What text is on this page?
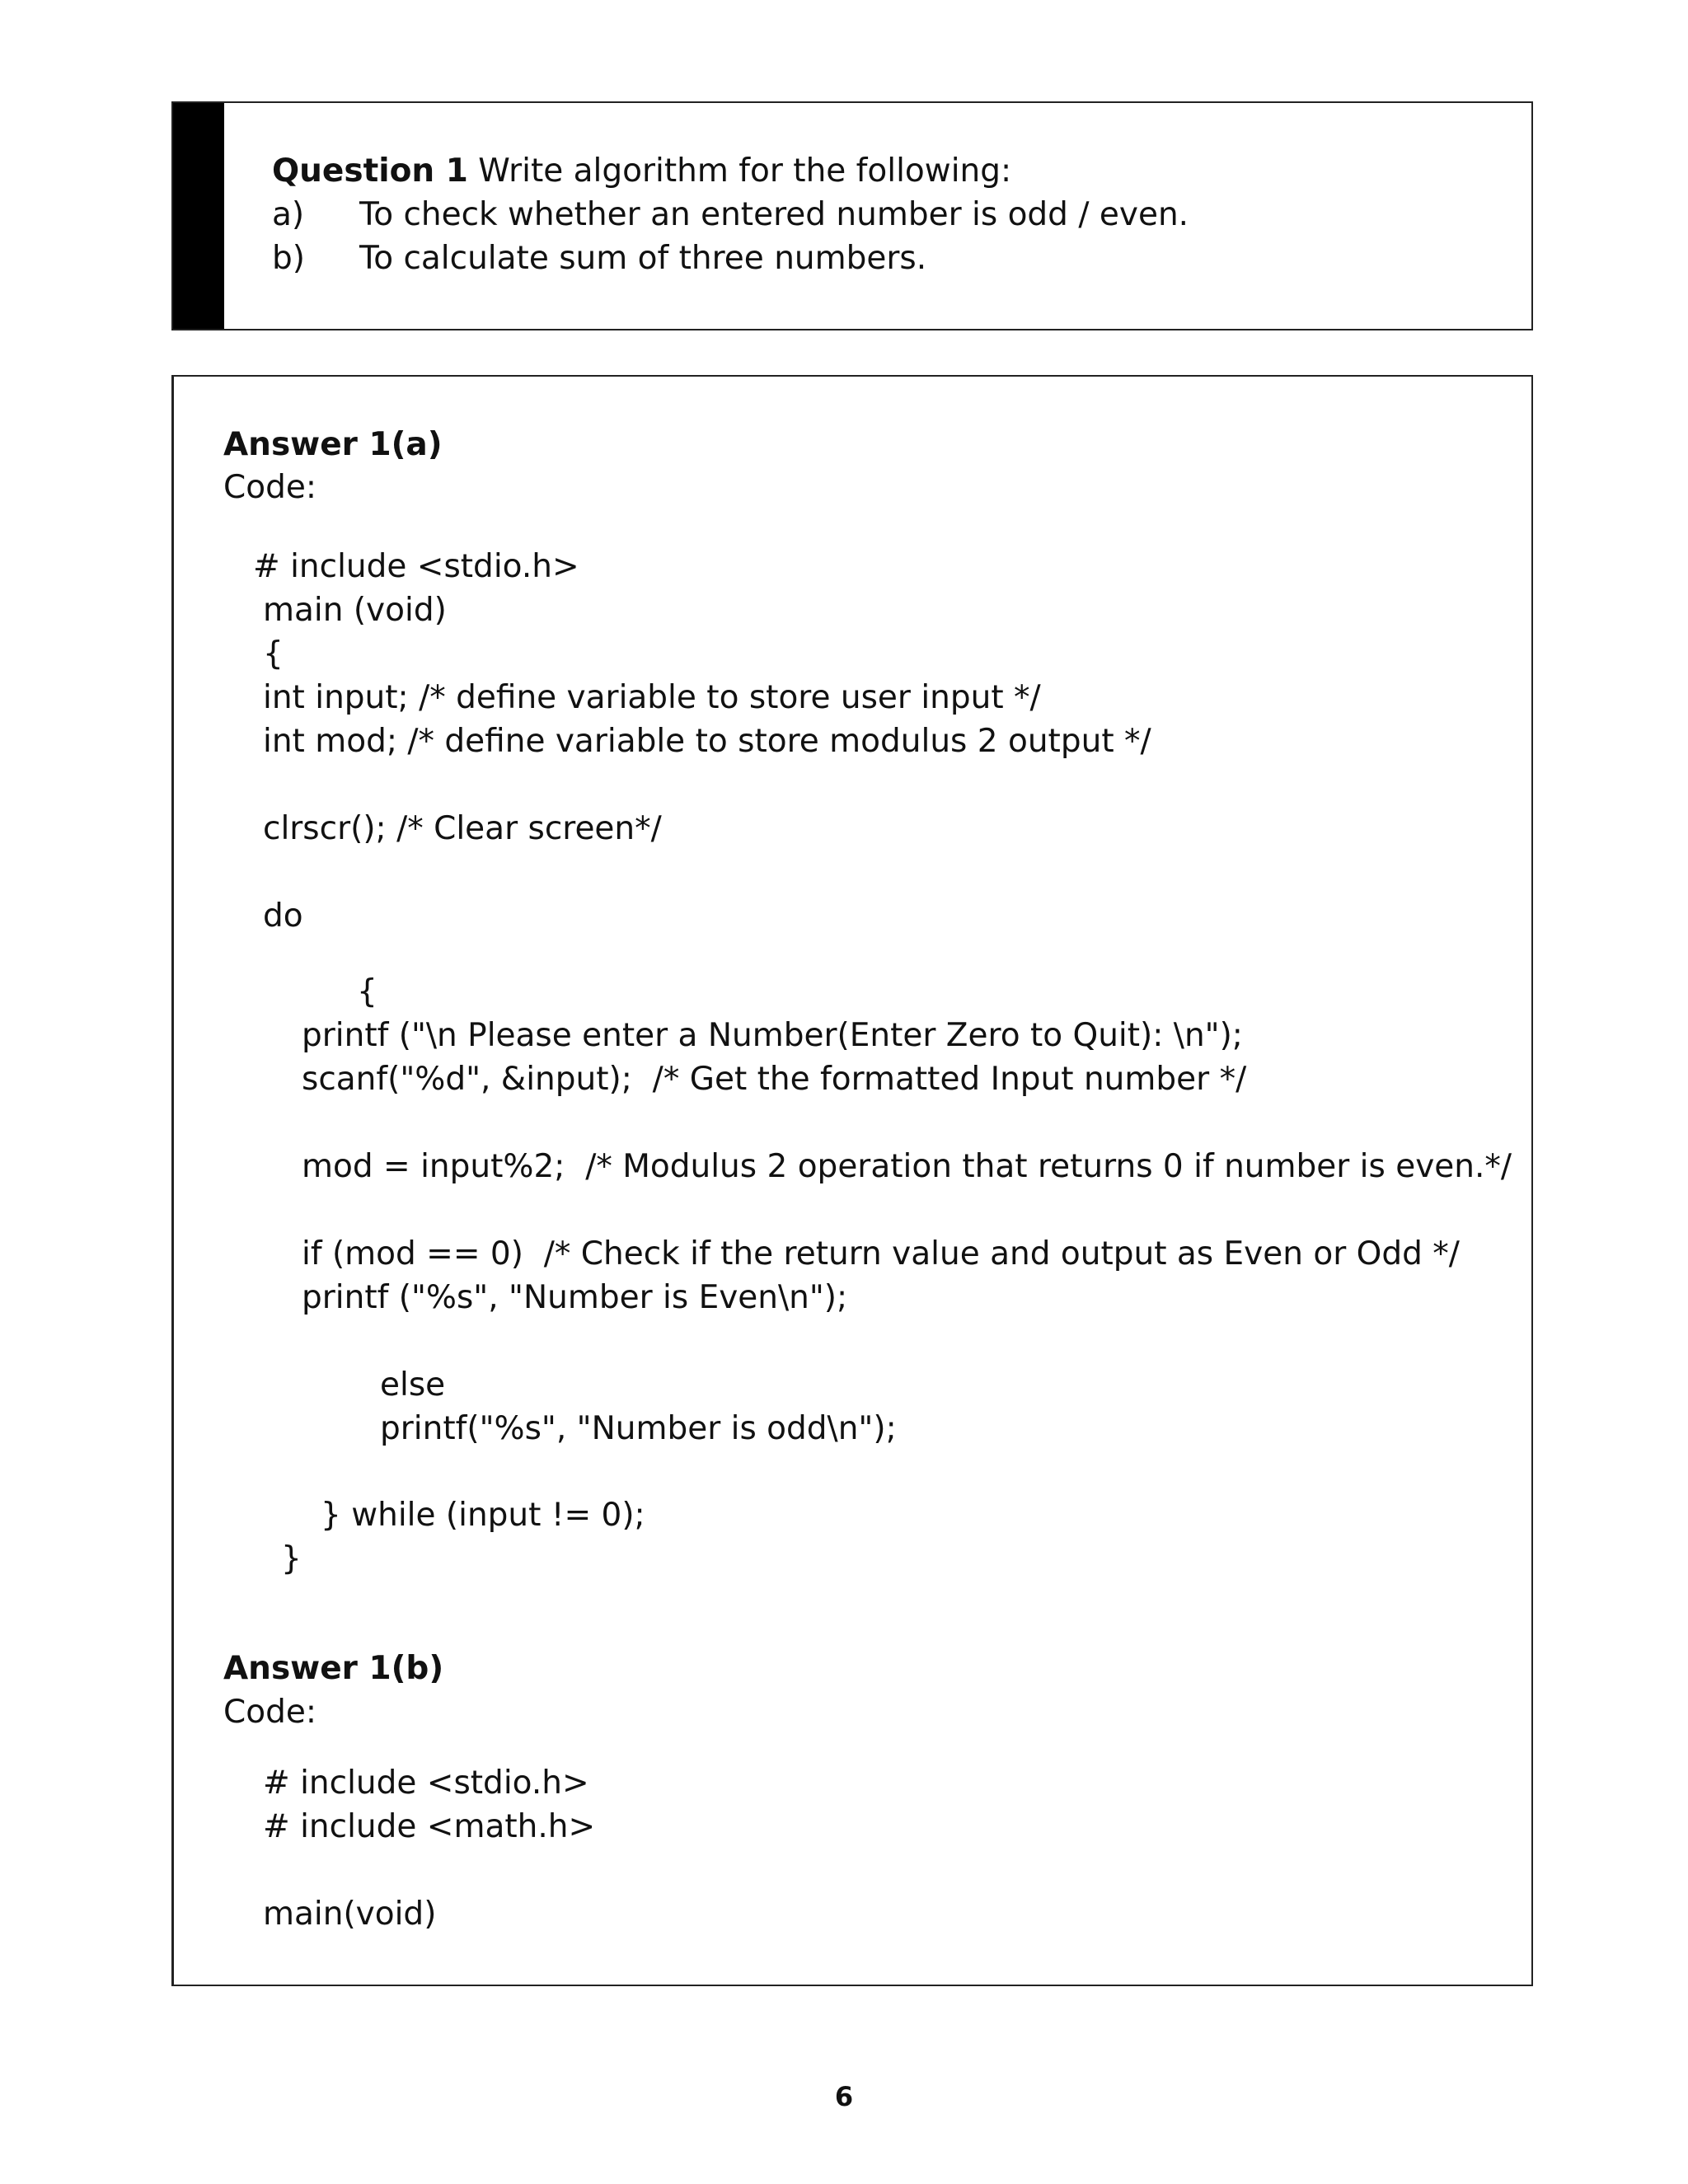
Question 1 Write algorithm for the following:
a) To check whether an entered number is odd / even.
b) To calculate sum of three numbers.
Answer 1(a)
Code:
# include <stdio.h>
main (void)
{
int input; /* define variable to store user input */
int mod; /* define variable to store modulus 2 output */
clrscr(); /* Clear screen*/
do
{
printf ("\n Please enter a Number(Enter Zero to Quit): \n");
scanf("%d", &input);  /* Get the formatted Input number */
mod = input%2;  /* Modulus 2 operation that returns 0 if number is even.*/
if (mod == 0)  /* Check if the return value and output as Even or Odd */
printf ("%s", "Number is Even\n");
else
printf("%s", "Number is odd\n");
} while (input != 0);
}
Answer 1(b)
Code:
# include <stdio.h>
# include <math.h>
main(void)
6
